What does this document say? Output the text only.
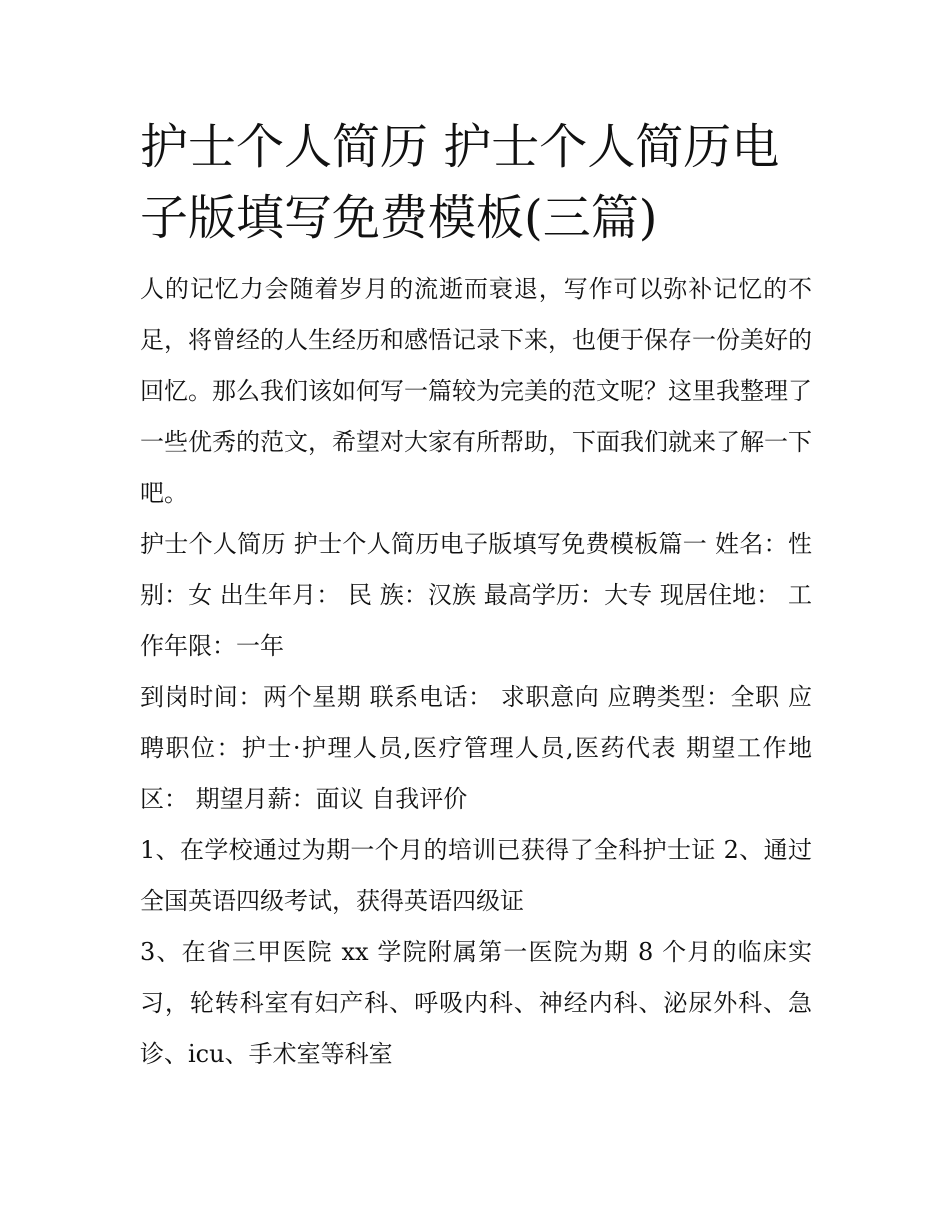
护士个人简历 护士个人简历电子版填写免费模板(三篇)

人的记忆力会随着岁月的流逝而衰退，写作可以弥补记忆的不足，将曾经的人生经历和感悟记录下来，也便于保存一份美好的回忆。那么我们该如何写一篇较为完美的范文呢？这里我整理了一些优秀的范文，希望对大家有所帮助，下面我们就来了解一下吧。

护士个人简历 护士个人简历电子版填写免费模板篇一 姓名：性 别：女 出生年月： 民 族：汉族 最高学历：大专 现居住地： 工作年限：一年

到岗时间：两个星期 联系电话： 求职意向 应聘类型：全职 应聘职位：护士·护理人员,医疗管理人员,医药代表 期望工作地区： 期望月薪：面议 自我评价

1、在学校通过为期一个月的培训已获得了全科护士证 2、通过全国英语四级考试，获得英语四级证

3、在省三甲医院 xx 学院附属第一医院为期 8 个月的临床实习，轮转科室有妇产科、呼吸内科、神经内科、泌尿外科、急诊、icu、手术室等科室
